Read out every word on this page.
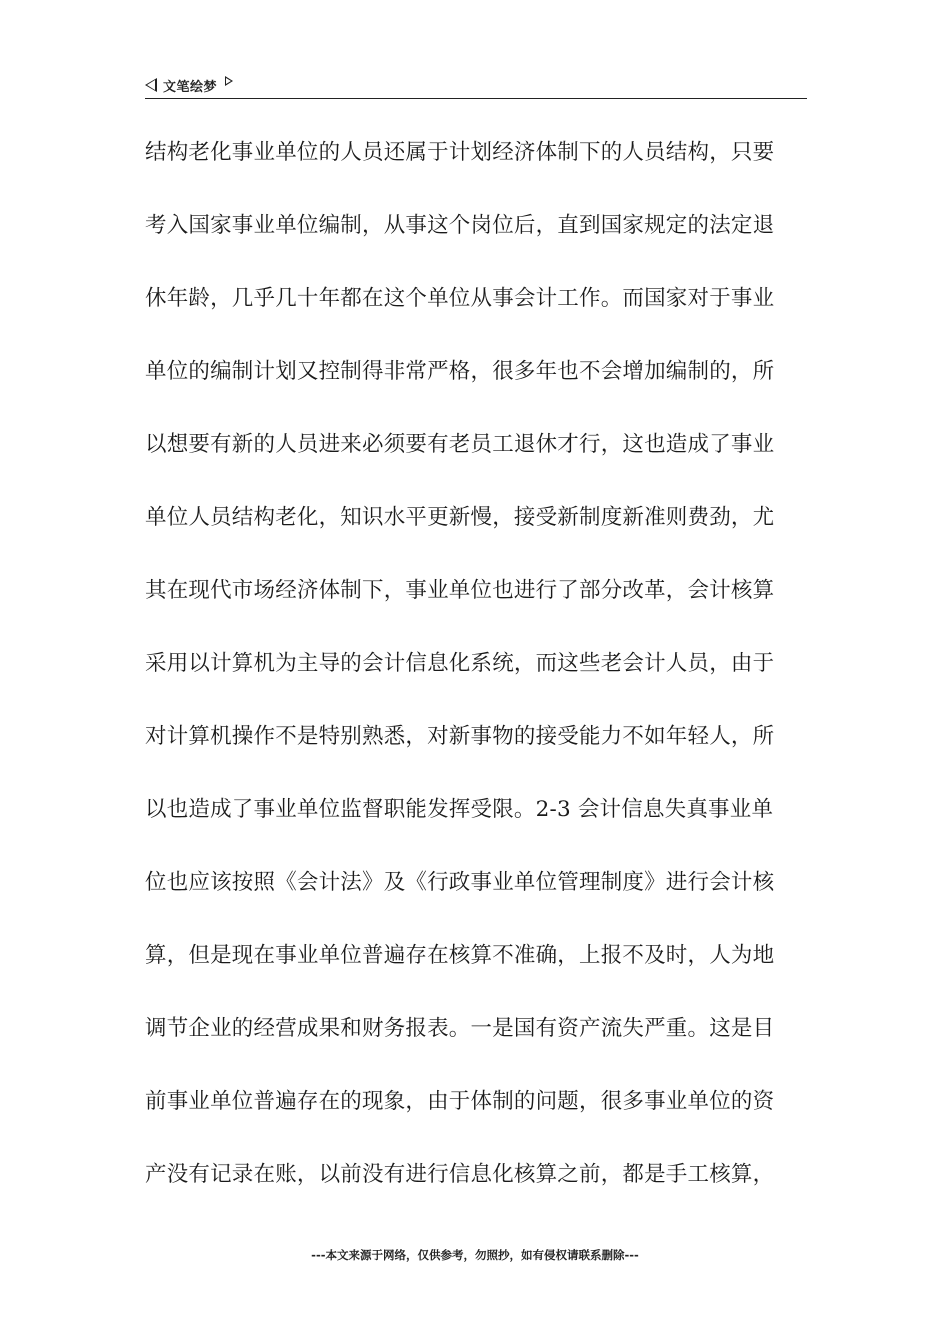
文笔绘梦
结构老化事业单位的人员还属于计划经济体制下的人员结构，只要
考入国家事业单位编制，从事这个岗位后，直到国家规定的法定退
休年龄，几乎几十年都在这个单位从事会计工作。而国家对于事业
单位的编制计划又控制得非常严格，很多年也不会增加编制的，所
以想要有新的人员进来必须要有老员工退休才行，这也造成了事业
单位人员结构老化，知识水平更新慢，接受新制度新准则费劲，尤
其在现代市场经济体制下，事业单位也进行了部分改革，会计核算
采用以计算机为主导的会计信息化系统，而这些老会计人员，由于
对计算机操作不是特别熟悉，对新事物的接受能力不如年轻人，所
以也造成了事业单位监督职能发挥受限。2-3 会计信息失真事业单
位也应该按照《会计法》及《行政事业单位管理制度》进行会计核
算，但是现在事业单位普遍存在核算不准确，上报不及时，人为地
调节企业的经营成果和财务报表。一是国有资产流失严重。这是目
前事业单位普遍存在的现象，由于体制的问题，很多事业单位的资
产没有记录在账，以前没有进行信息化核算之前，都是手工核算，
---本文来源于网络，仅供参考，勿照抄，如有侵权请联系删除---
